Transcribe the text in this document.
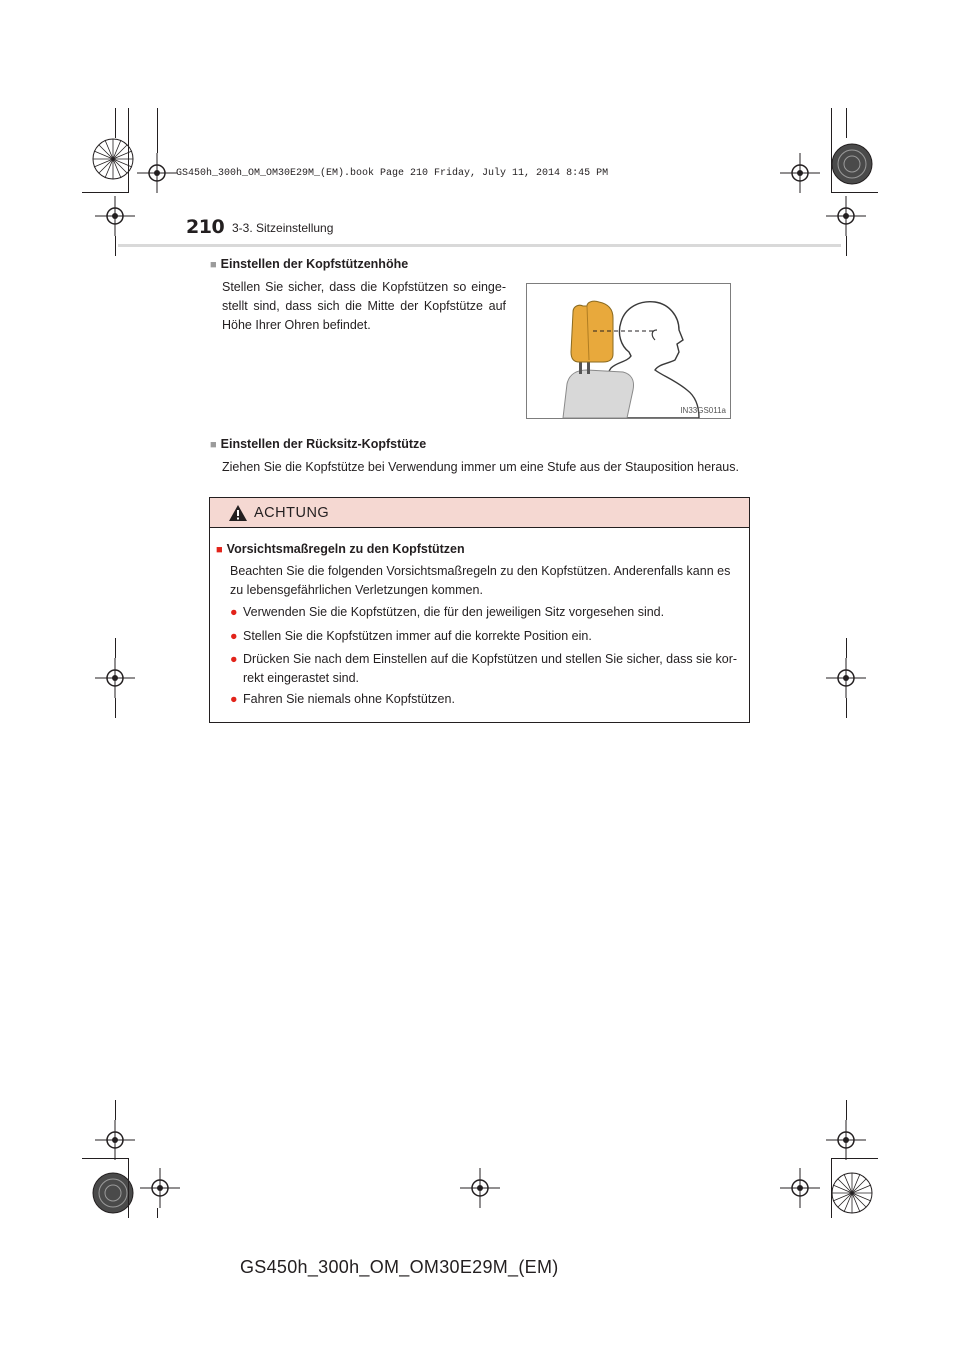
GS450h_300h_OM_OM30E29M_(EM).book Page 210 Friday, July 11, 2014 8:45 PM
210 3-3. Sitzeinstellung
■ Einstellen der Kopfstützenhöhe
Stellen Sie sicher, dass die Kopfstützen so einge-
stellt sind, dass sich die Mitte der Kopfstütze auf
Höhe Ihrer Ohren befindet.
IN33GS011a
■ Einstellen der Rücksitz-Kopfstütze
Ziehen Sie die Kopfstütze bei Verwendung immer um eine Stufe aus der Stauposition heraus.
ACHTUNG
■ Vorsichtsmaßregeln zu den Kopfstützen
Beachten Sie die folgenden Vorsichtsmaßregeln zu den Kopfstützen. Anderenfalls kann es
zu lebensgefährlichen Verletzungen kommen.
● Verwenden Sie die Kopfstützen, die für den jeweiligen Sitz vorgesehen sind.
● Stellen Sie die Kopfstützen immer auf die korrekte Position ein.
● Drücken Sie nach dem Einstellen auf die Kopfstützen und stellen Sie sicher, dass sie kor-
rekt eingerastet sind.
● Fahren Sie niemals ohne Kopfstützen.
GS450h_300h_OM_OM30E29M_(EM)
